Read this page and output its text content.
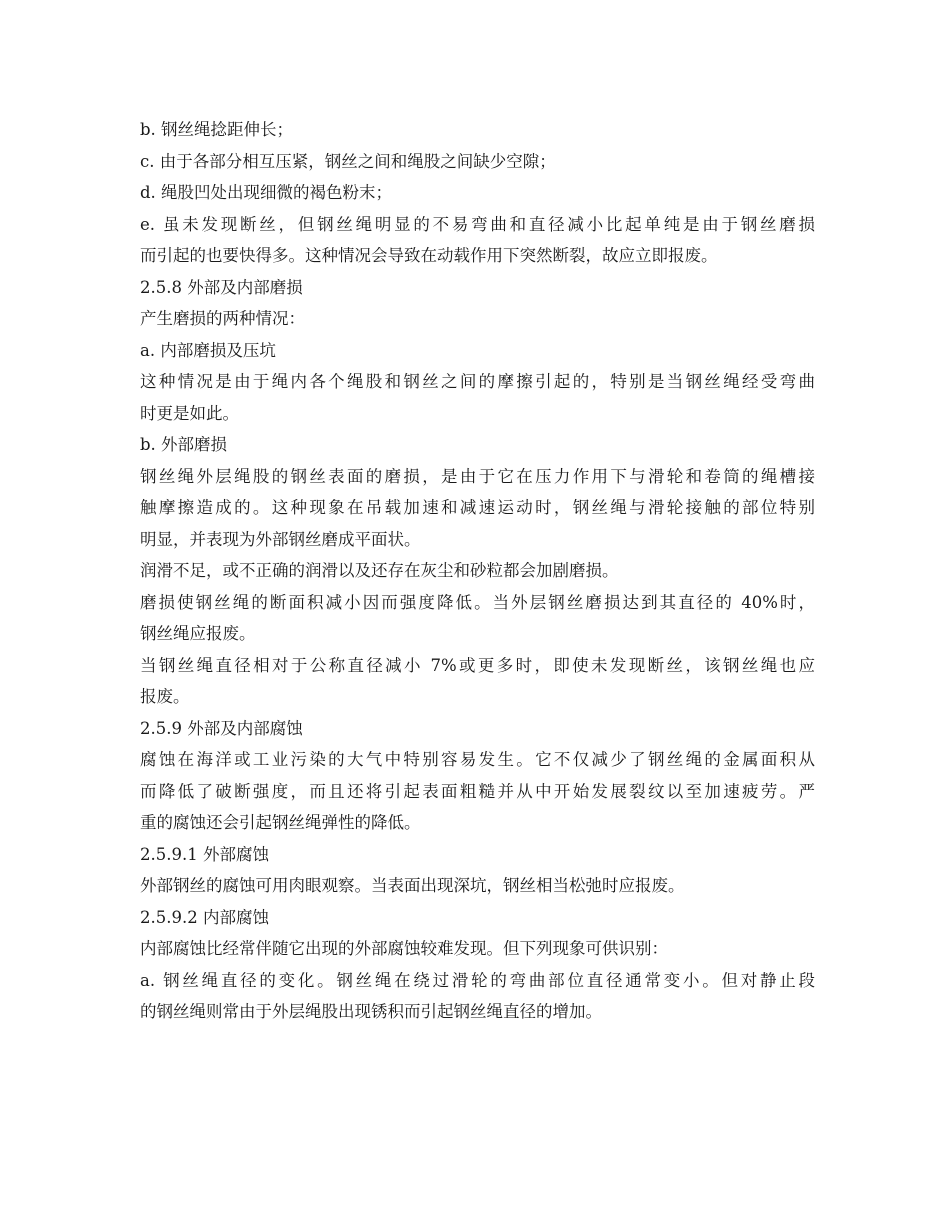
b. 钢丝绳捻距伸长；
c. 由于各部分相互压紧，钢丝之间和绳股之间缺少空隙；
d. 绳股凹处出现细微的褐色粉末；
e. 虽未发现断丝，但钢丝绳明显的不易弯曲和直径减小比起单纯是由于钢丝磨损
而引起的也要快得多。这种情况会导致在动载作用下突然断裂，故应立即报废。
2.5.8 外部及内部磨损
产生磨损的两种情况：
a. 内部磨损及压坑
这种情况是由于绳内各个绳股和钢丝之间的摩擦引起的，特别是当钢丝绳经受弯曲
时更是如此。
b. 外部磨损
钢丝绳外层绳股的钢丝表面的磨损，是由于它在压力作用下与滑轮和卷筒的绳槽接
触摩擦造成的。这种现象在吊载加速和减速运动时，钢丝绳与滑轮接触的部位特别
明显，并表现为外部钢丝磨成平面状。
润滑不足，或不正确的润滑以及还存在灰尘和砂粒都会加剧磨损。
磨损使钢丝绳的断面积减小因而强度降低。当外层钢丝磨损达到其直径的 40%时，
钢丝绳应报废。
当钢丝绳直径相对于公称直径减小 7%或更多时，即使未发现断丝，该钢丝绳也应
报废。
2.5.9 外部及内部腐蚀
腐蚀在海洋或工业污染的大气中特别容易发生。它不仅减少了钢丝绳的金属面积从
而降低了破断强度，而且还将引起表面粗糙并从中开始发展裂纹以至加速疲劳。严
重的腐蚀还会引起钢丝绳弹性的降低。
2.5.9.1 外部腐蚀
外部钢丝的腐蚀可用肉眼观察。当表面出现深坑，钢丝相当松弛时应报废。
2.5.9.2 内部腐蚀
内部腐蚀比经常伴随它出现的外部腐蚀较难发现。但下列现象可供识别：
a. 钢丝绳直径的变化。钢丝绳在绕过滑轮的弯曲部位直径通常变小。但对静止段
的钢丝绳则常由于外层绳股出现锈积而引起钢丝绳直径的增加。
